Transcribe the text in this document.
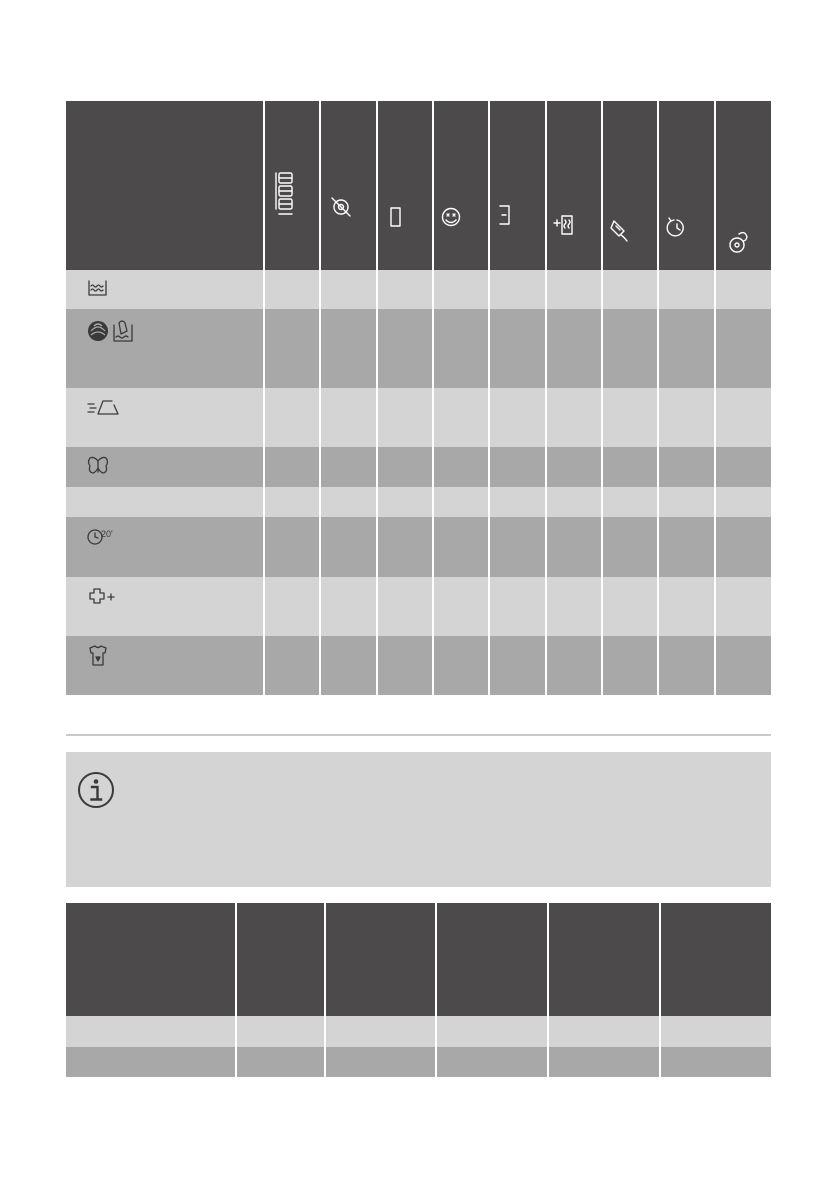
20'
